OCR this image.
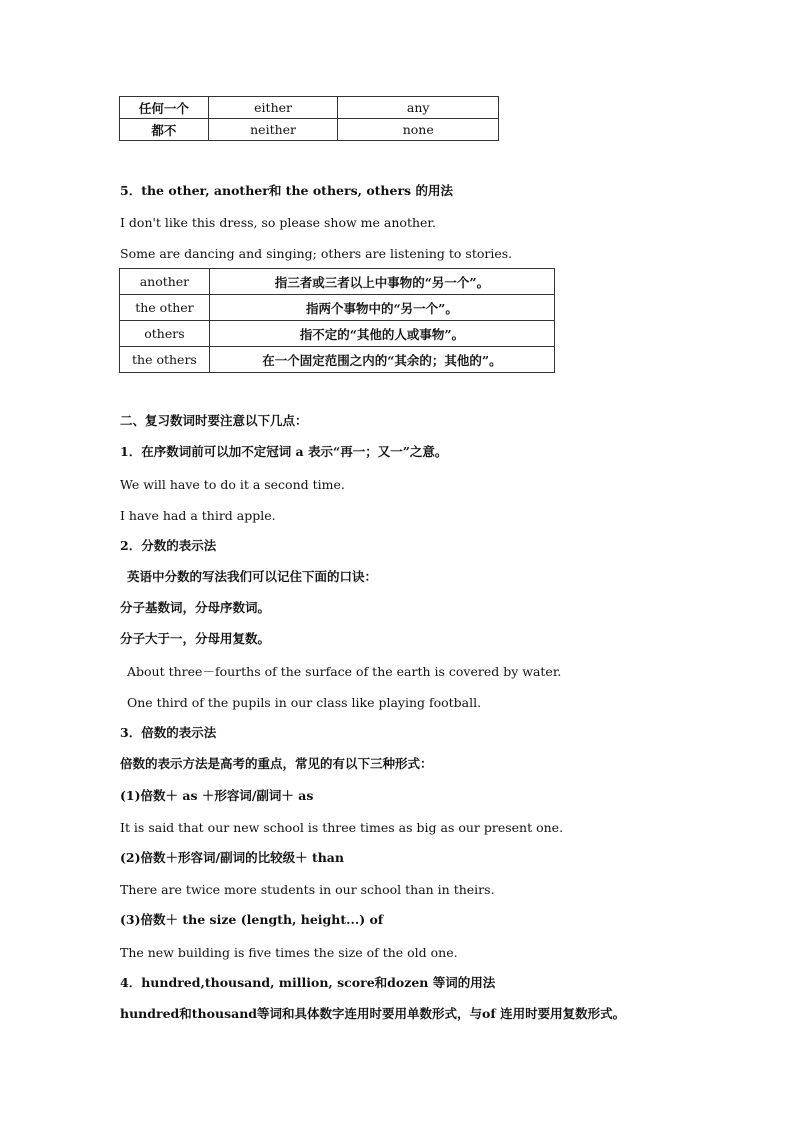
任何一个	either	any
都不	neither	none
5．the other, another和 the others, others 的用法
I don't like this dress, so please show me another.
Some are dancing and singing; others are listening to stories.
another	指三者或三者以上中事物的“另一个”。
the other	指两个事物中的“另一个”。
others	指不定的“其他的人或事物”。
the others	在一个固定范围之内的“其余的；其他的”。
二、复习数词时要注意以下几点：
1．在序数词前可以加不定冠词 a 表示“再一；又一”之意。
We will have to do it a second time.
I have had a third apple.
2．分数的表示法
英语中分数的写法我们可以记住下面的口诀：
分子基数词，分母序数词。
分子大于一，分母用复数。
About three－fourths of the surface of the earth is covered by water.
One third of the pupils in our class like playing football.
3．倍数的表示法
倍数的表示方法是高考的重点，常见的有以下三种形式：
(1)倍数＋ as ＋形容词/副词＋ as
It is said that our new school is three times as big as our present one.
(2)倍数＋形容词/副词的比较级＋ than
There are twice more students in our school than in theirs.
(3)倍数＋ the size (length, height...) of
The new building is five times the size of the old one.
4．hundred,thousand, million, score和dozen 等词的用法
hundred和thousand等词和具体数字连用时要用单数形式，与of 连用时要用复数形式。
